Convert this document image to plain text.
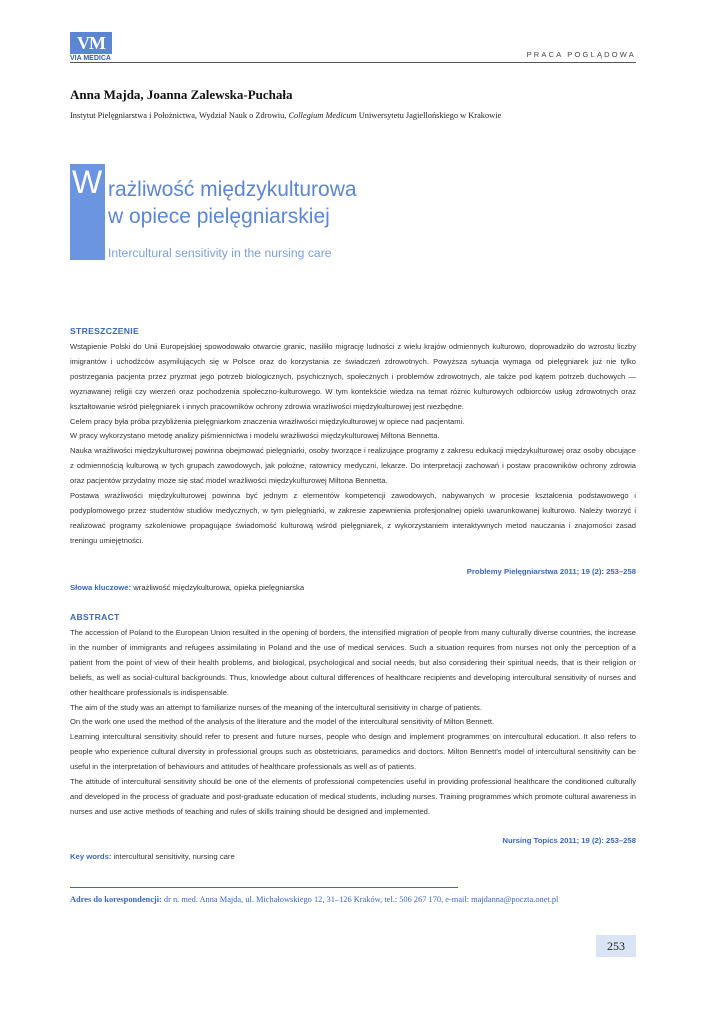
VM
VIA MEDICA	PRACA POGLĄDOWA
Anna Majda, Joanna Zalewska-Puchała
Instytut Pielęgniarstwa i Położnictwa, Wydział Nauk o Zdrowiu, Collegium Medicum Uniwersytetu Jagiellońskiego w Krakowie
W rażliwość międzykulturowa
w opiece pielęgniarskiej
Intercultural sensitivity in the nursing care
STRESZCZENIE

Wstąpienie Polski do Unii Europejskiej spowodowało otwarcie granic, nasiliło migrację ludności z wielu krajów odmiennych kulturowo, doprowadziło do wzrostu liczby imigrantów i uchodźców asymilujących się w Polsce oraz do korzystania ze świadczeń zdrowotnych. Powyższa sytuacja wymaga od pielęgniarek już nie tylko postrzegania pacjenta przez pryzmat jego potrzeb biologicznych, psychicznych, społecznych i problemów zdrowotnych, ale także pod kątem potrzeb duchowych — wyznawanej religii czy wierzeń oraz pochodzenia społeczno-kulturowego. W tym kontekście wiedza na temat różnic kulturowych odbiorców usług zdrowotnych oraz kształtowanie wśród pielęgniarek i innych pracowników ochrony zdrowia wrażliwości międzykulturowej jest niezbędne.

Celem pracy była próba przybliżenia pielęgniarkom znaczenia wrażliwości międzykulturowej w opiece nad pacjentami.

W pracy wykorzystano metodę analizy piśmiennictwa i modelu wrażliwości międzykulturowej Miltona Bennetta.

Nauka wrażliwości międzykulturowej powinna obejmować pielęgniarki, osoby tworzące i realizujące programy z zakresu edukacji międzykulturowej oraz osoby obcujące z odmiennością kulturową w tych grupach zawodowych, jak położne, ratownicy medyczni, lekarze. Do interpretacji zachowań i postaw pracowników ochrony zdrowia oraz pacjentów przydatny może się stać model wrażliwości międzykulturowej Miltona Bennetta.

Postawa wrażliwości międzykulturowej powinna być jednym z elementów kompetencji zawodowych, nabywanych w procesie kształcenia podstawowego i podyplomowego przez studentów studiów medycznych, w tym pielęgniarki, w zakresie zapewnienia profesjonalnej opieki uwarunkowanej kulturowo. Należy tworzyć i realizować programy szkoleniowe propagujące świadomość kulturową wśród pielęgniarek, z wykorzystaniem interaktywnych metod nauczania i znajomości zasad treningu umiejętności.

Problemy Pielęgniarstwa 2011; 19 (2): 253–258
Słowa kluczowe: wrażliwość międzykulturowa, opieka pielęgniarska
ABSTRACT

The accession of Poland to the European Union resulted in the opening of borders, the intensified migration of people from many culturally diverse countries, the increase in the number of immigrants and refugees assimilating in Poland and the use of medical services. Such a situation requires from nurses not only the perception of a patient from the point of view of their health problems, and biological, psychological and social needs, but also considering their spiritual needs, that is their religion or beliefs, as well as social-cultural backgrounds. Thus, knowledge about cultural differences of healthcare recipients and developing intercultural sensitivity of nurses and other healthcare professionals is indispensable.

The aim of the study was an attempt to familiarize nurses of the meaning of the intercultural sensitivity in charge of patients.

On the work one used the method of the analysis of the literature and the model of the intercultural sensitivity of Milton Bennett.

Learning intercultural sensitivity should refer to present and future nurses, people who design and implement programmes on intercultural education. It also refers to people who experience cultural diversity in professional groups such as obstetricians, paramedics and doctors. Milton Bennett's model of intercultural sensitivity can be useful in the interpretation of behaviours and attitudes of healthcare professionals as well as of patients.

The attitude of intercultural sensitivity should be one of the elements of professional competencies useful in providing professional healthcare the conditioned culturally and developed in the process of graduate and post-graduate education of medical students, including nurses. Training programmes which promote cultural awareness in nurses and use active methods of teaching and rules of skills training should be designed and implemented.

Nursing Topics 2011; 19 (2): 253–258
Key words: intercultural sensitivity, nursing care
Adres do korespondencji: dr n. med. Anna Majda, ul. Michałowskiego 12, 31–126 Kraków, tel.: 506 267 170, e-mail: majdanna@poczta.onet.pl
253
